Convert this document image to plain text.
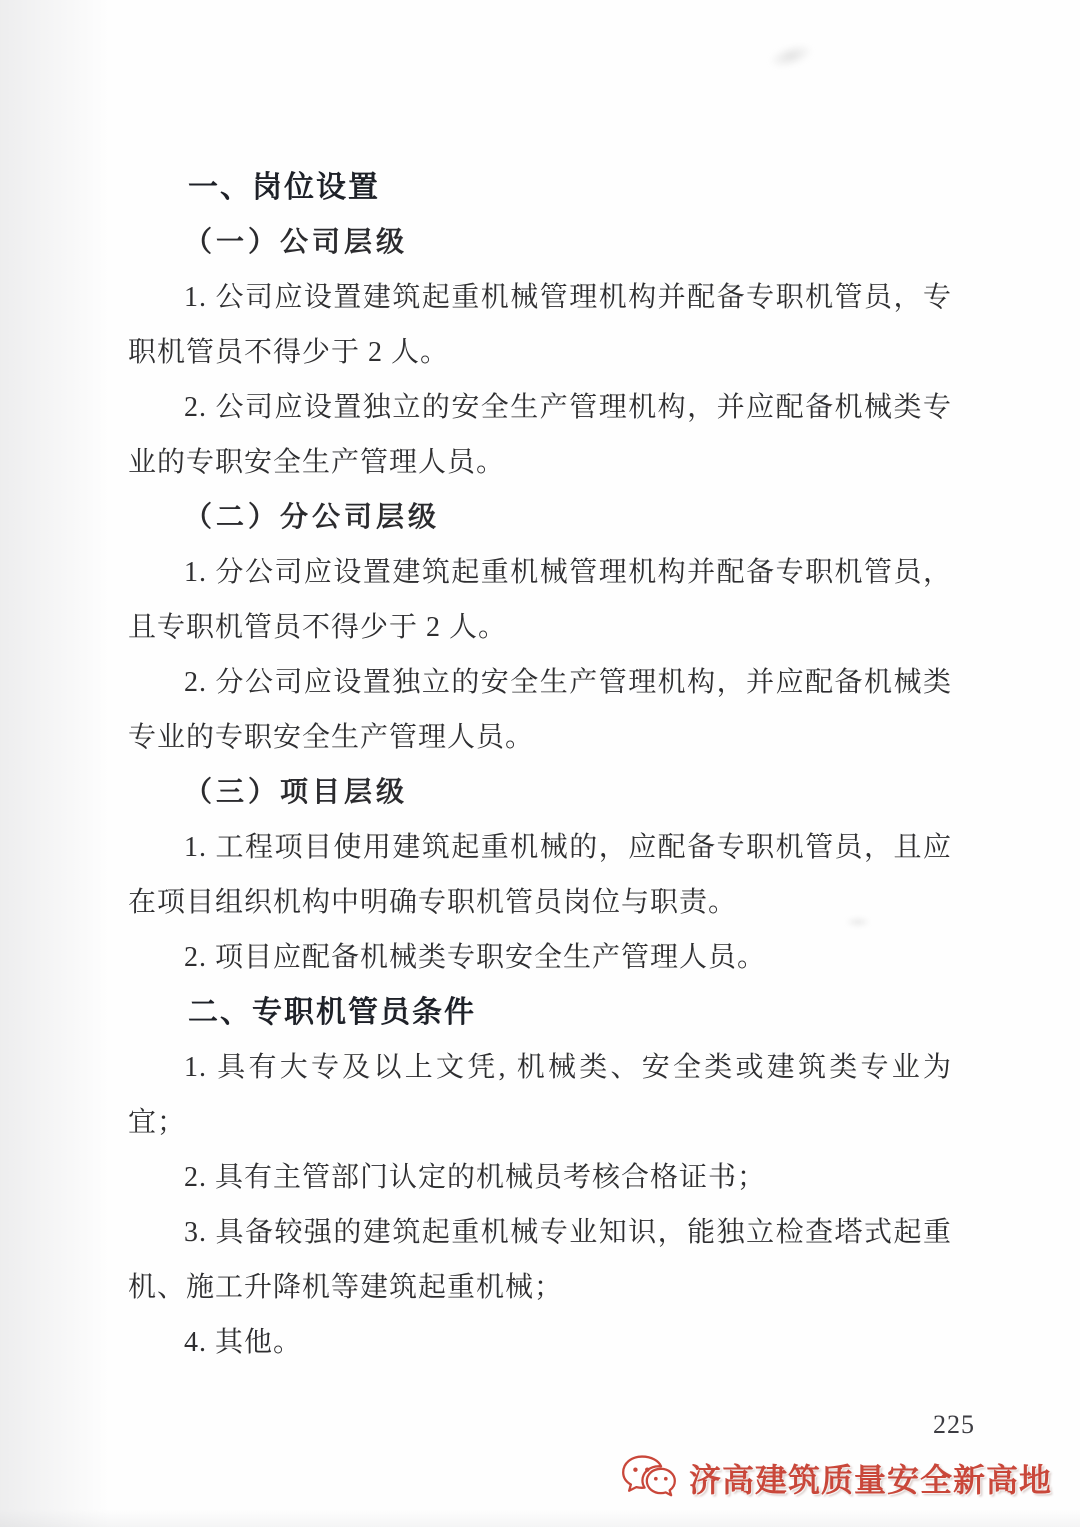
一、岗位设置
（一）公司层级

1. 公司应设置建筑起重机械管理机构并配备专职机管员，专职机管员不得少于 2 人。

2. 公司应设置独立的安全生产管理机构，并应配备机械类专业的专职安全生产管理人员。

（二）分公司层级

1. 分公司应设置建筑起重机械管理机构并配备专职机管员，且专职机管员不得少于 2 人。

2. 分公司应设置独立的安全生产管理机构，并应配备机械类专业的专职安全生产管理人员。

（三）项目层级

1. 工程项目使用建筑起重机械的，应配备专职机管员，且应在项目组织机构中明确专职机管员岗位与职责。

2. 项目应配备机械类专职安全生产管理人员。

二、专职机管员条件

1. 具有大专及以上文凭, 机械类、安全类或建筑类专业为宜；

2. 具有主管部门认定的机械员考核合格证书；

3. 具备较强的建筑起重机械专业知识，能独立检查塔式起重机、施工升降机等建筑起重机械；

4. 其他。

225
济高建筑质量安全新高地
